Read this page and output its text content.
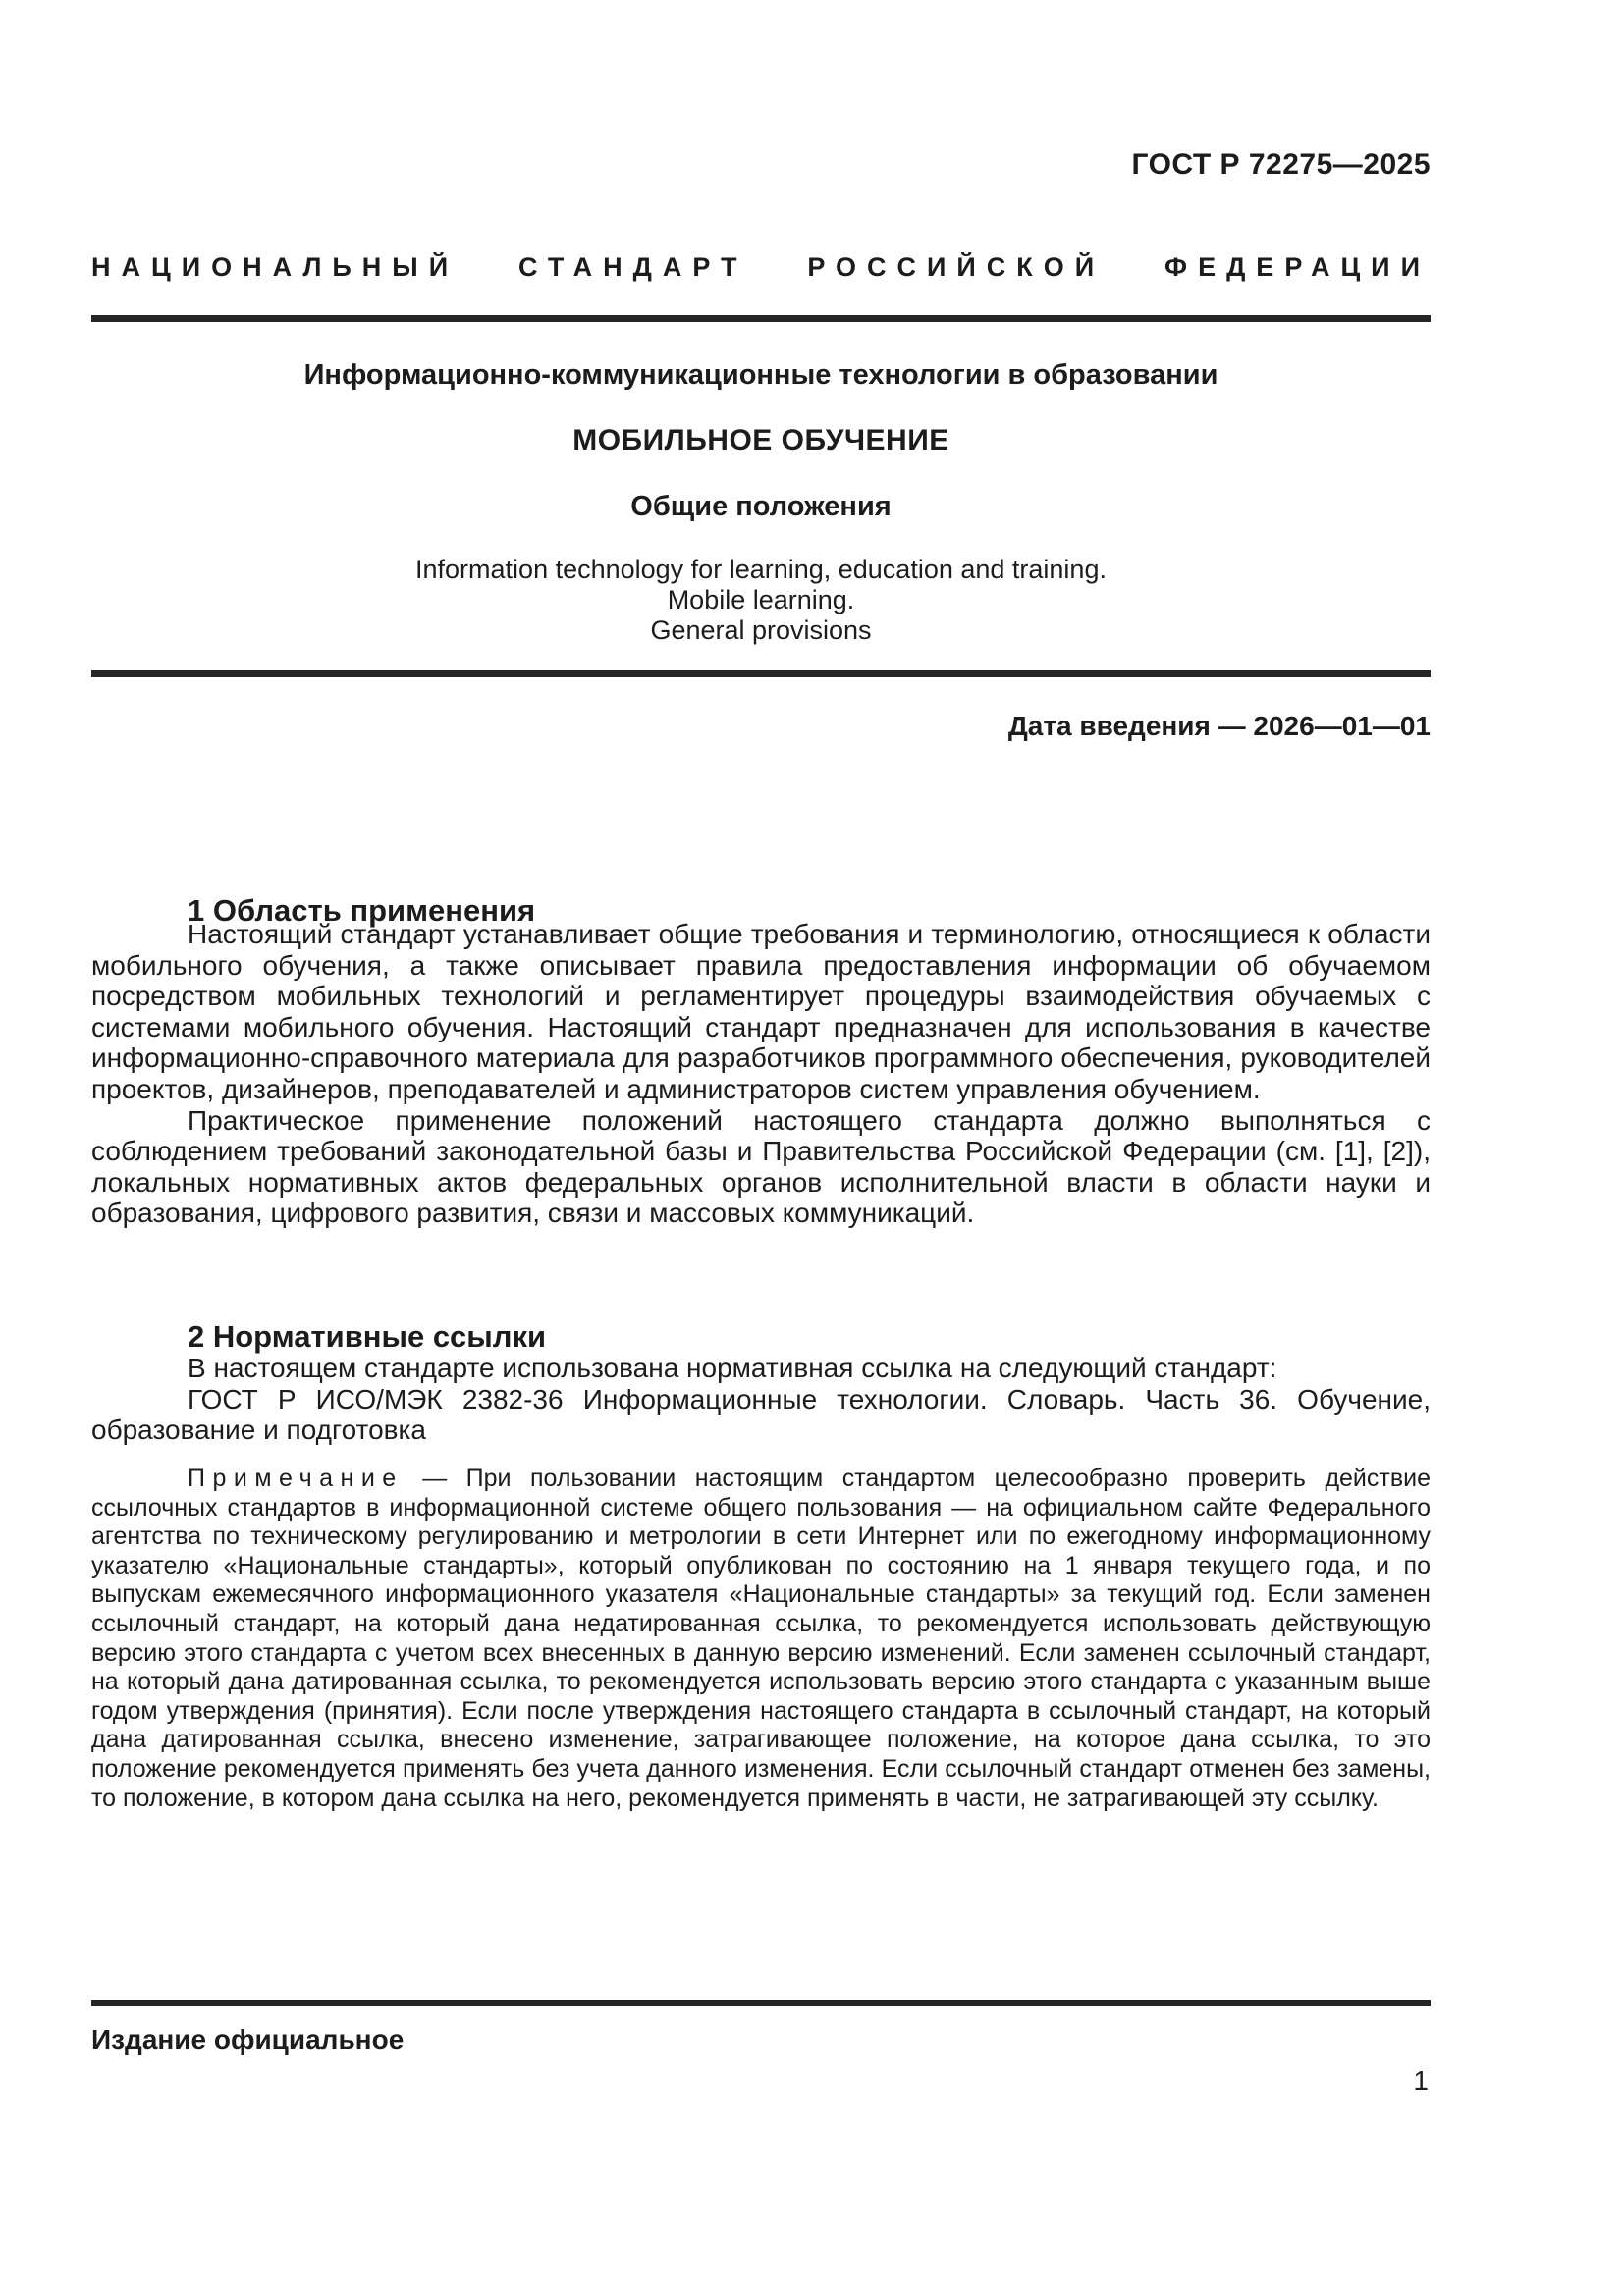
ГОСТ Р 72275—2025
НАЦИОНАЛЬНЫЙ СТАНДАРТ РОССИЙСКОЙ ФЕДЕРАЦИИ
Информационно-коммуникационные технологии в образовании
МОБИЛЬНОЕ ОБУЧЕНИЕ
Общие положения
Information technology for learning, education and training.
Mobile learning.
General provisions
Дата введения — 2026—01—01
1 Область применения

Настоящий стандарт устанавливает общие требования и терминологию, относящиеся к области мобильного обучения, а также описывает правила предоставления информации об обучаемом посредством мобильных технологий и регламентирует процедуры взаимодействия обучаемых с системами мобильного обучения. Настоящий стандарт предназначен для использования в качестве информационно-справочного материала для разработчиков программного обеспечения, руководителей проектов, дизайнеров, преподавателей и администраторов систем управления обучением.

Практическое применение положений настоящего стандарта должно выполняться с соблюдением требований законодательной базы и Правительства Российской Федерации (см. [1], [2]), локальных нормативных актов федеральных органов исполнительной власти в области науки и образования, цифрового развития, связи и массовых коммуникаций.

2 Нормативные ссылки

В настоящем стандарте использована нормативная ссылка на следующий стандарт:

ГОСТ Р ИСО/МЭК 2382-36 Информационные технологии. Словарь. Часть 36. Обучение, образование и подготовка

Примечание — При пользовании настоящим стандартом целесообразно проверить действие ссылочных стандартов в информационной системе общего пользования — на официальном сайте Федерального агентства по техническому регулированию и метрологии в сети Интернет или по ежегодному информационному указателю «Национальные стандарты», который опубликован по состоянию на 1 января текущего года, и по выпускам ежемесячного информационного указателя «Национальные стандарты» за текущий год. Если заменен ссылочный стандарт, на который дана недатированная ссылка, то рекомендуется использовать действующую версию этого стандарта с учетом всех внесенных в данную версию изменений. Если заменен ссылочный стандарт, на который дана датированная ссылка, то рекомендуется использовать версию этого стандарта с указанным выше годом утверждения (принятия). Если после утверждения настоящего стандарта в ссылочный стандарт, на который дана датированная ссылка, внесено изменение, затрагивающее положение, на которое дана ссылка, то это положение рекомендуется применять без учета данного изменения. Если ссылочный стандарт отменен без замены, то положение, в котором дана ссылка на него, рекомендуется применять в части, не затрагивающей эту ссылку.
Издание официальное
1
